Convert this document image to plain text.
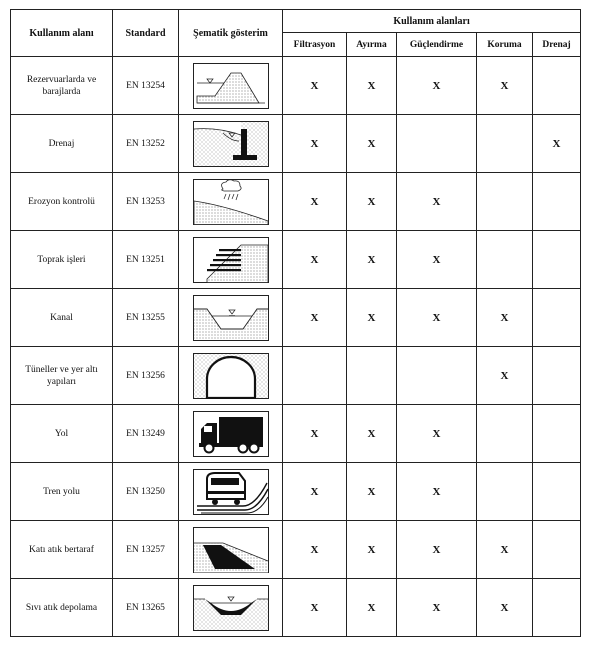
Kullanım alanı	Standard	Şematik gösterim	Kullanım alanları				
			Filtrasyon	Ayırma	Güçlendirme	Koruma	Drenaj
Rezervuarlarda ve barajlarda	EN 13254		X	X	X	X	
Drenaj	EN 13252		X	X			X
Erozyon kontrolü	EN 13253		X	X	X		
Toprak işleri	EN 13251		X	X	X		
Kanal	EN 13255		X	X	X	X	
Tüneller ve yer altı yapıları	EN 13256					X	
Yol	EN 13249		X	X	X		
Tren yolu	EN 13250		X	X	X		
Katı atık bertaraf	EN 13257		X	X	X	X	
Sıvı atık depolama	EN 13265		X	X	X	X	
